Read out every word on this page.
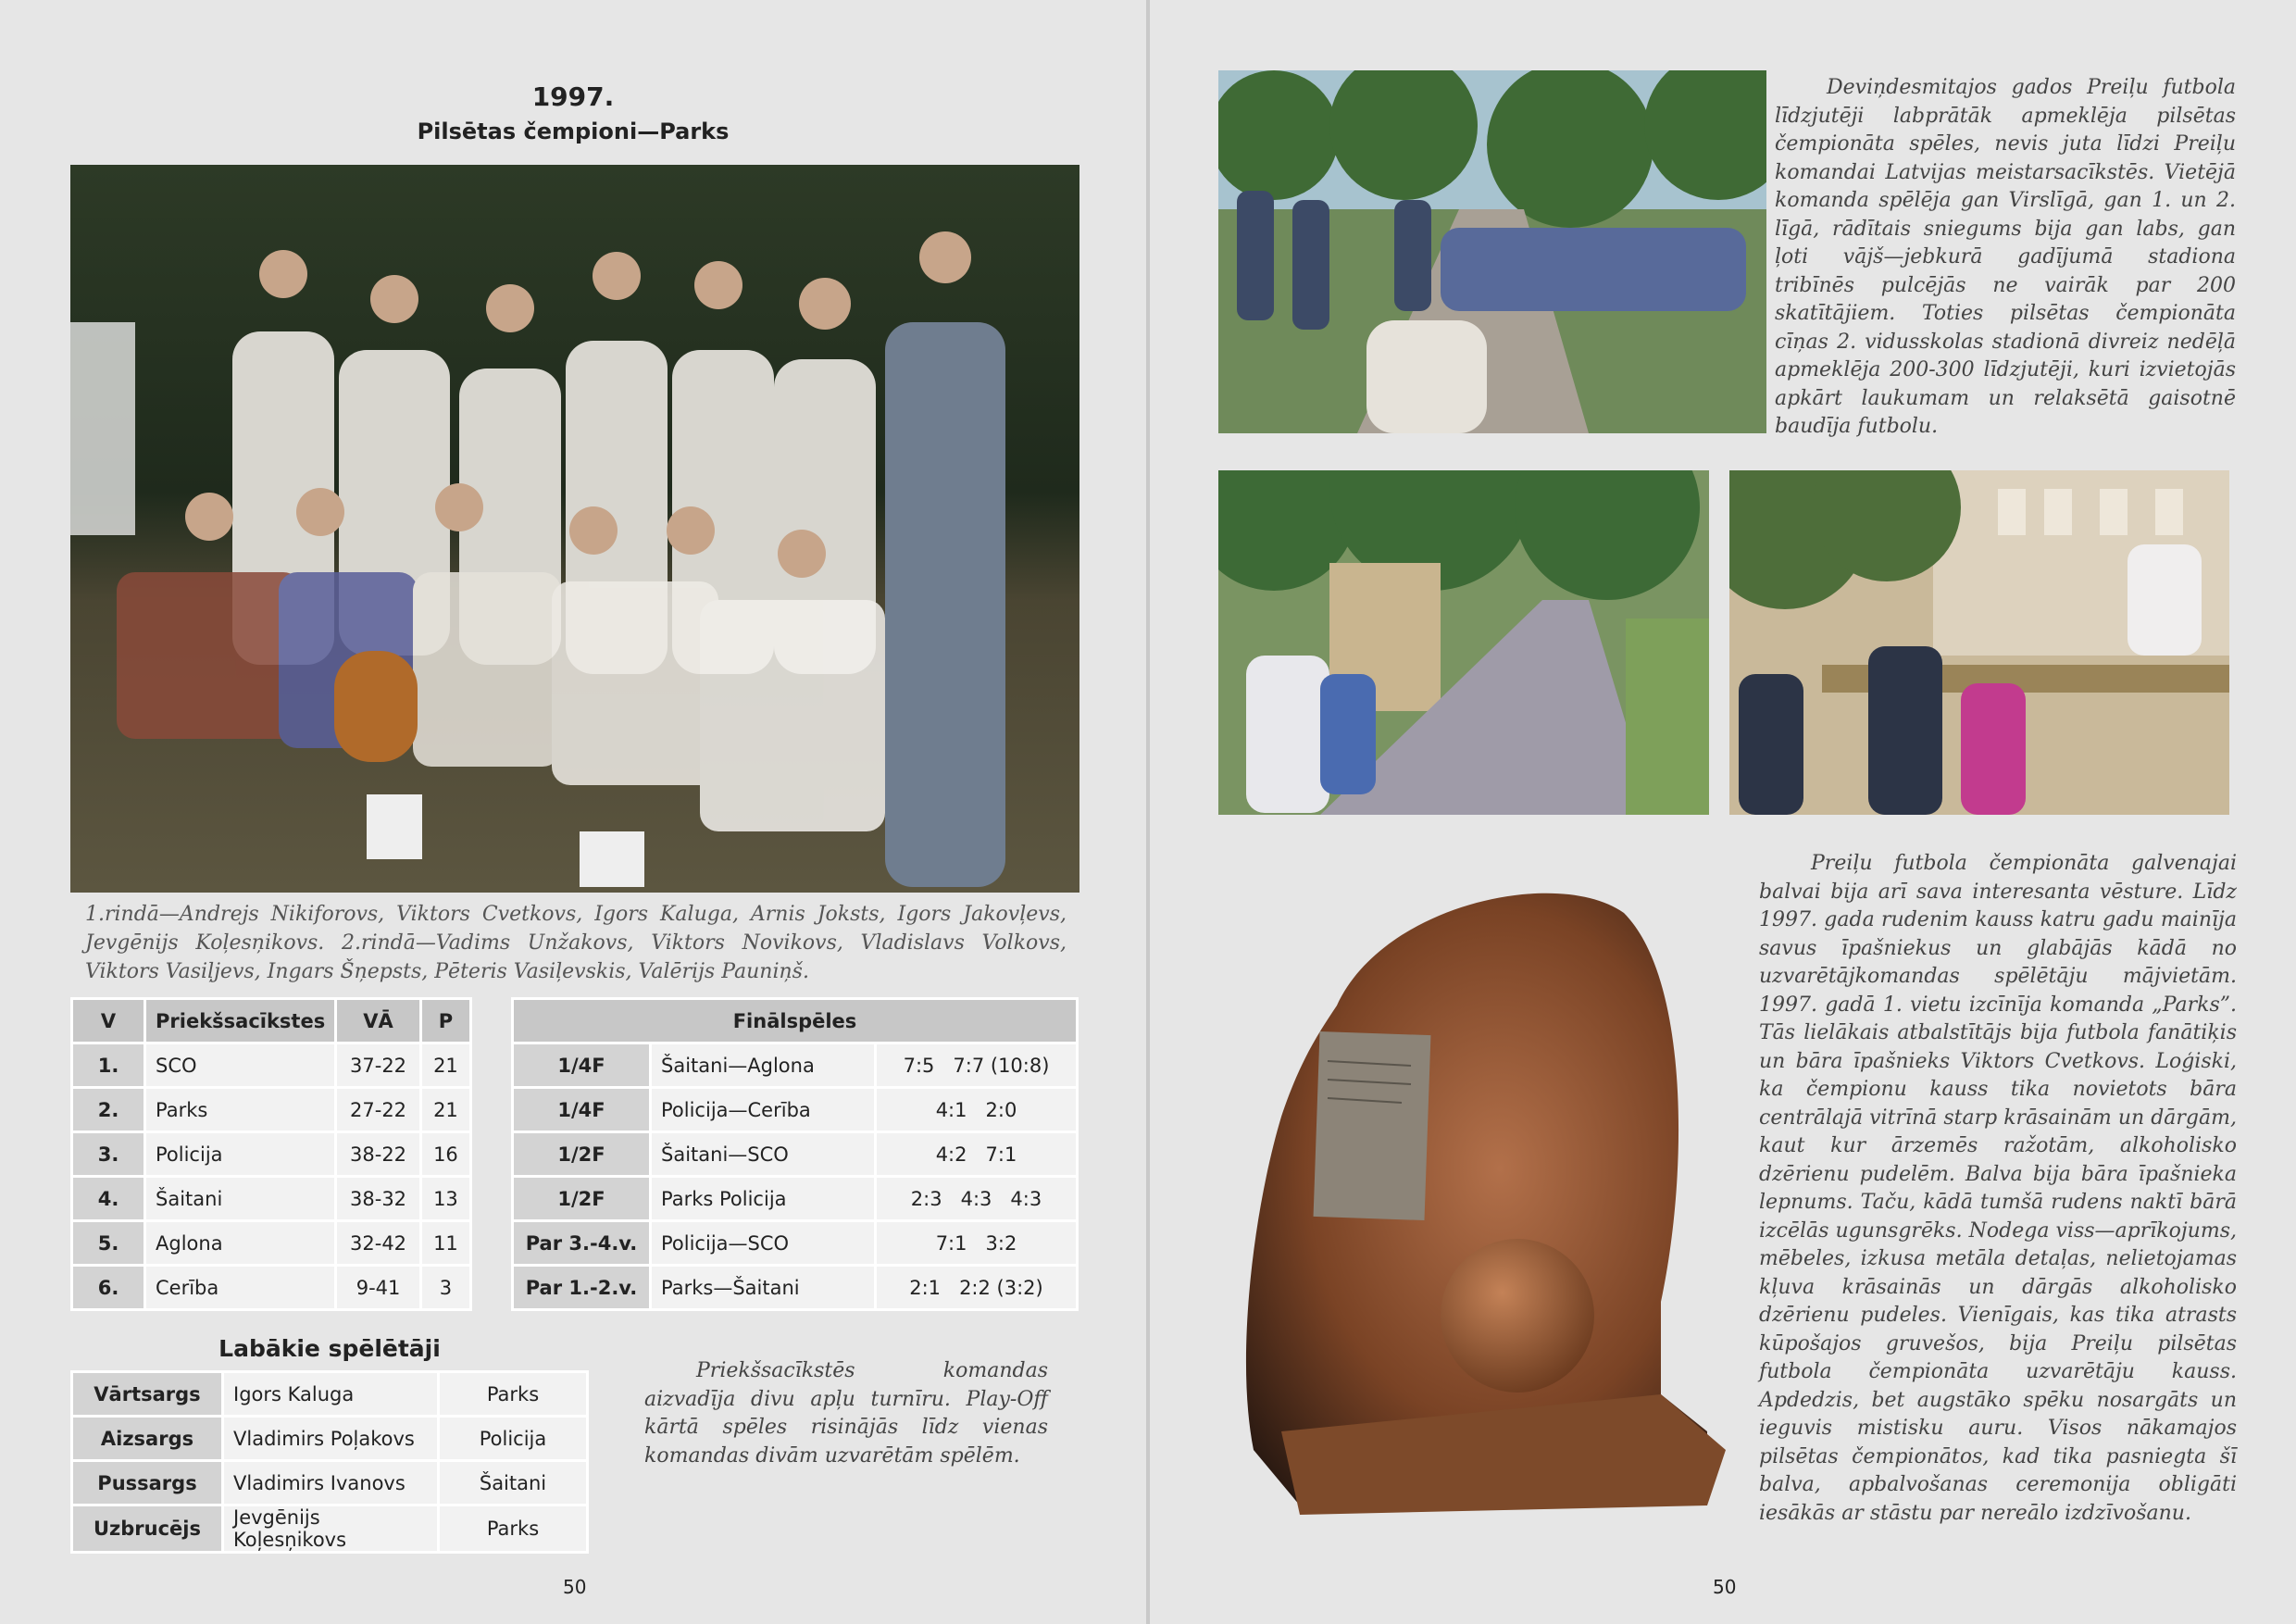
1997.
Pilsētas čempioni—Parks
1.rindā—Andrejs Nikiforovs, Viktors Cvetkovs, Igors Kaluga, Arnis Joksts, Igors Jakovļevs, Jevgēnijs Koļesņikovs. 2.rindā—Vadims Unžakovs, Viktors Novikovs, Vladislavs Volkovs, Viktors Vasiļjevs, Ingars Šņepsts, Pēteris Vasiļevskis, Valērijs Pauniņš.
V	Priekšsacīkstes	VĀ	P
1.	SCO	37-22	21
2.	Parks	27-22	21
3.	Policija	38-22	16
4.	Šaitani	38-32	13
5.	Aglona	32-42	11
6.	Cerība	9-41	3
Finālspēles		
1/4F	Šaitani—Aglona	7:5   7:7 (10:8)
1/4F	Policija—Cerība	4:1   2:0
1/2F	Šaitani—SCO	4:2   7:1
1/2F	Parks Policija	2:3   4:3   4:3
Par 3.-4.v.	Policija—SCO	7:1   3:2
Par 1.-2.v.	Parks—Šaitani	2:1   2:2 (3:2)
Labākie spēlētāji
Vārtsargs	Igors Kaluga	Parks
Aizsargs	Vladimirs Poļakovs	Policija
Pussargs	Vladimirs Ivanovs	Šaitani
Uzbrucējs	Jevgēnijs Koļesņikovs	Parks
Priekšsacīkstēs komandas aizvadīja divu apļu turnīru. Play-Off kārtā spēles risinājās līdz vienas komandas divām uzvarētām spēlēm.
50
Deviņdesmitajos gados Preiļu futbola līdzjutēji labprātāk apmeklēja pilsētas čempionāta spēles, nevis juta līdzi Preiļu komandai Latvijas meistarsacīkstēs. Vietējā komanda spēlēja gan Virslīgā, gan 1. un 2. līgā, rādītais sniegums bija gan labs, gan ļoti vājš—jebkurā gadījumā stadiona tribīnēs pulcējās ne vairāk par 200 skatītājiem. Toties pilsētas čempionāta cīņas 2. vidusskolas stadionā divreiz nedēļā apmeklēja 200-300 līdzjutēji, kuri izvietojās apkārt laukumam un relaksētā gaisotnē baudīja futbolu.
Preiļu futbola čempionāta galvenajai balvai bija arī sava interesanta vēsture. Līdz 1997. gada rudenim kauss katru gadu mainīja savus īpašniekus un glabājās kādā no uzvarētājkomandas spēlētāju mājvietām. 1997. gadā 1. vietu izcīnīja komanda „Parks”. Tās lielākais atbalstītājs bija futbola fanātiķis un bāra īpašnieks Viktors Cvetkovs. Loģiski, ka čempionu kauss tika novietots bāra centrālajā vitrīnā starp krāsainām un dārgām, kaut kur ārzemēs ražotām, alkoholisko dzērienu pudelēm. Balva bija bāra īpašnieka lepnums. Taču, kādā tumšā rudens naktī bārā izcēlās ugunsgrēks. Nodega viss—aprīkojums, mēbeles, izkusa metāla detaļas, nelietojamas kļuva krāsainās un dārgās alkoholisko dzērienu pudeles. Vienīgais, kas tika atrasts kūpošajos gruvešos, bija Preiļu pilsētas futbola čempionāta uzvarētāju kauss. Apdedzis, bet augstāko spēku nosargāts un ieguvis mistisku auru. Visos nākamajos pilsētas čempionātos, kad tika pasniegta šī balva, apbalvošanas ceremonija obligāti iesākās ar stāstu par nereālo izdzīvošanu.
50
